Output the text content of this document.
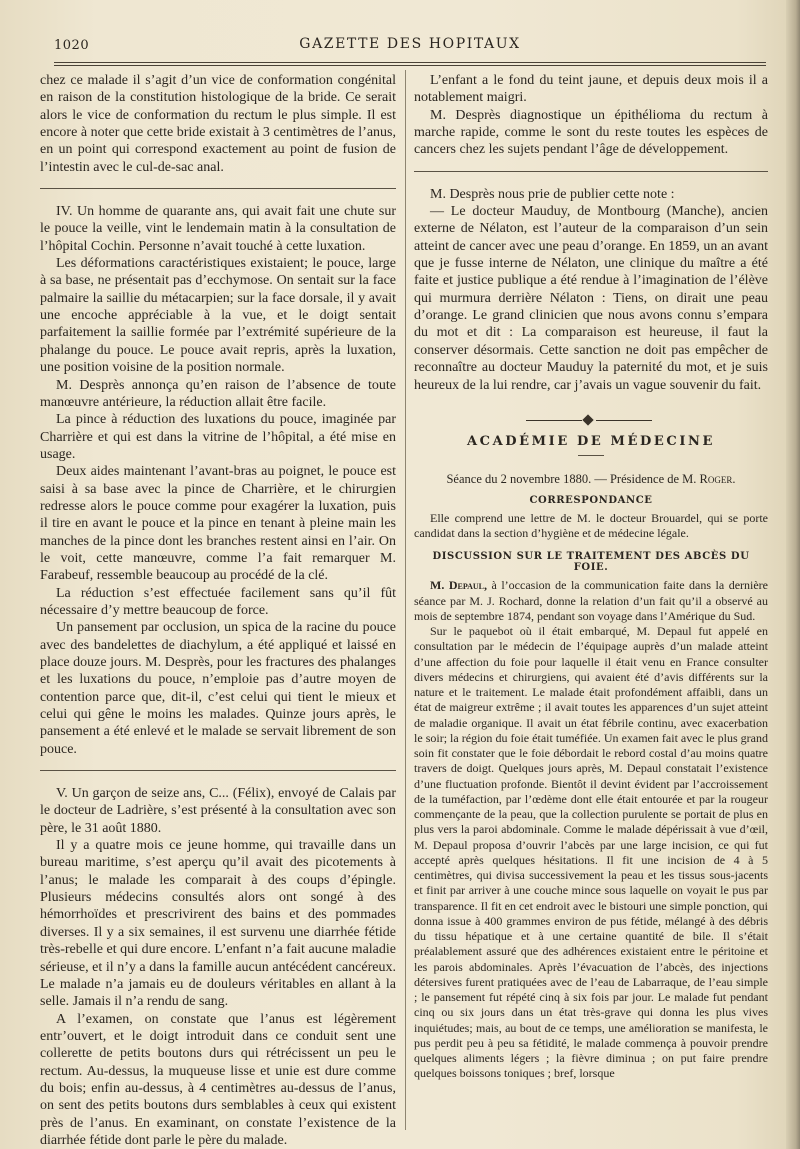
1020	GAZETTE DES HOPITAUX

chez ce malade il s’agit d’un vice de conformation congénital en raison de la constitution histologique de la bride. Ce serait alors le vice de conformation du rectum le plus simple. Il est encore à noter que cette bride existait à 3 centimètres de l’anus, en un point qui correspond exactement au point de fusion de l’intestin avec le cul-de-sac anal.

IV. Un homme de quarante ans, qui avait fait une chute sur le pouce la veille, vint le lendemain matin à la consultation de l’hôpital Cochin. Personne n’avait touché à cette luxation.

Les déformations caractéristiques existaient; le pouce, large à sa base, ne présentait pas d’ecchymose. On sentait sur la face palmaire la saillie du métacarpien; sur la face dorsale, il y avait une encoche appréciable à la vue, et le doigt sentait parfaitement la saillie formée par l’extrémité supérieure de la phalange du pouce. Le pouce avait repris, après la luxation, une position voisine de la position normale.

M. Desprès annonça qu’en raison de l’absence de toute manœuvre antérieure, la réduction allait être facile.

La pince à réduction des luxations du pouce, imaginée par Charrière et qui est dans la vitrine de l’hôpital, a été mise en usage.

Deux aides maintenant l’avant-bras au poignet, le pouce est saisi à sa base avec la pince de Charrière, et le chirurgien redresse alors le pouce comme pour exagérer la luxation, puis il tire en avant le pouce et la pince en tenant à pleine main les manches de la pince dont les branches restent ainsi en l’air. On le voit, cette manœuvre, comme l’a fait remarquer M. Farabeuf, ressemble beaucoup au procédé de la clé.

La réduction s’est effectuée facilement sans qu’il fût nécessaire d’y mettre beaucoup de force.

Un pansement par occlusion, un spica de la racine du pouce avec des bandelettes de diachylum, a été appliqué et laissé en place douze jours. M. Desprès, pour les fractures des phalanges et les luxations du pouce, n’emploie pas d’autre moyen de contention parce que, dit-il, c’est celui qui tient le mieux et celui qui gêne le moins les malades. Quinze jours après, le pansement a été enlevé et le malade se servait librement de son pouce.

V. Un garçon de seize ans, C... (Félix), envoyé de Calais par le docteur de Ladrière, s’est présenté à la consultation avec son père, le 31 août 1880.

Il y a quatre mois ce jeune homme, qui travaille dans un bureau maritime, s’est aperçu qu’il avait des picotements à l’anus; le malade les comparait à des coups d’épingle. Plusieurs médecins consultés alors ont songé à des hémorrhoïdes et prescrivirent des bains et des pommades diverses. Il y a six semaines, il est survenu une diarrhée fétide très-rebelle et qui dure encore. L’enfant n’a fait aucune maladie sérieuse, et il n’y a dans la famille aucun antécédent cancéreux. Le malade n’a jamais eu de douleurs véritables en allant à la selle. Jamais il n’a rendu de sang.

A l’examen, on constate que l’anus est légèrement entr’ouvert, et le doigt introduit dans ce conduit sent une collerette de petits boutons durs qui rétrécissent un peu le rectum. Au-dessus, la muqueuse lisse et unie est dure comme du bois; enfin au-dessus, à 4 centimètres au-dessus de l’anus, on sent des petits boutons durs semblables à ceux qui existent près de l’anus. En examinant, on constate l’existence de la diarrhée fétide dont parle le père du malade.

L’enfant a le fond du teint jaune, et depuis deux mois il a notablement maigri.

M. Desprès diagnostique un épithélioma du rectum à marche rapide, comme le sont du reste toutes les espèces de cancers chez les sujets pendant l’âge de développement.

M. Desprès nous prie de publier cette note :

— Le docteur Mauduy, de Montbourg (Manche), ancien externe de Nélaton, est l’auteur de la comparaison d’un sein atteint de cancer avec une peau d’orange. En 1859, un an avant que je fusse interne de Nélaton, une clinique du maître a été faite et justice publique a été rendue à l’imagination de l’élève qui murmura derrière Nélaton : Tiens, on dirait une peau d’orange. Le grand clinicien que nous avons connu s’empara du mot et dit : La comparaison est heureuse, il faut la conserver désormais. Cette sanction ne doit pas empêcher de reconnaître au docteur Mauduy la paternité du mot, et je suis heureux de la lui rendre, car j’avais un vague souvenir du fait.

ACADÉMIE DE MÉDECINE
Séance du 2 novembre 1880. — Présidence de M. Roger.
CORRESPONDANCE

Elle comprend une lettre de M. le docteur Brouardel, qui se porte candidat dans la section d’hygiène et de médecine légale.

DISCUSSION SUR LE TRAITEMENT DES ABCÈS DU FOIE.

M. Depaul, à l’occasion de la communication faite dans la dernière séance par M. J. Rochard, donne la relation d’un fait qu’il a observé au mois de septembre 1874, pendant son voyage dans l’Amérique du Sud.

Sur le paquebot où il était embarqué, M. Depaul fut appelé en consultation par le médecin de l’équipage auprès d’un malade atteint d’une affection du foie pour laquelle il était venu en France consulter divers médecins et chirurgiens, qui avaient été d’avis différents sur la nature et le traitement. Le malade était profondément affaibli, dans un état de maigreur extrême ; il avait toutes les apparences d’un sujet atteint de maladie organique. Il avait un état fébrile continu, avec exacerbation le soir; la région du foie était tuméfiée. Un examen fait avec le plus grand soin fit constater que le foie débordait le rebord costal d’au moins quatre travers de doigt. Quelques jours après, M. Depaul constatait l’existence d’une fluctuation profonde. Bientôt il devint évident par l’accroissement de la tuméfaction, par l’œdème dont elle était entourée et par la rougeur commençante de la peau, que la collection purulente se portait de plus en plus vers la paroi abdominale. Comme le malade dépérissait à vue d’œil, M. Depaul proposa d’ouvrir l’abcès par une large incision, ce qui fut accepté après quelques hésitations. Il fit une incision de 4 à 5 centimètres, qui divisa successivement la peau et les tissus sous-jacents et finit par arriver à une couche mince sous laquelle on voyait le pus par transparence. Il fit en cet endroit avec le bistouri une simple ponction, qui donna issue à 400 grammes environ de pus fétide, mélangé à des débris du tissu hépatique et à une certaine quantité de bile. Il s’était préalablement assuré que des adhérences existaient entre le péritoine et les parois abdominales. Après l’évacuation de l’abcès, des injections détersives furent pratiquées avec de l’eau de Labarraque, de l’eau simple ; le pansement fut répété cinq à six fois par jour. Le malade fut pendant cinq ou six jours dans un état très-grave qui donna les plus vives inquiétudes; mais, au bout de ce temps, une amélioration se manifesta, le pus perdit peu à peu sa fétidité, le malade commença à pouvoir prendre quelques aliments légers ; la fièvre diminua ; on put faire prendre quelques boissons toniques ; bref, lorsque
